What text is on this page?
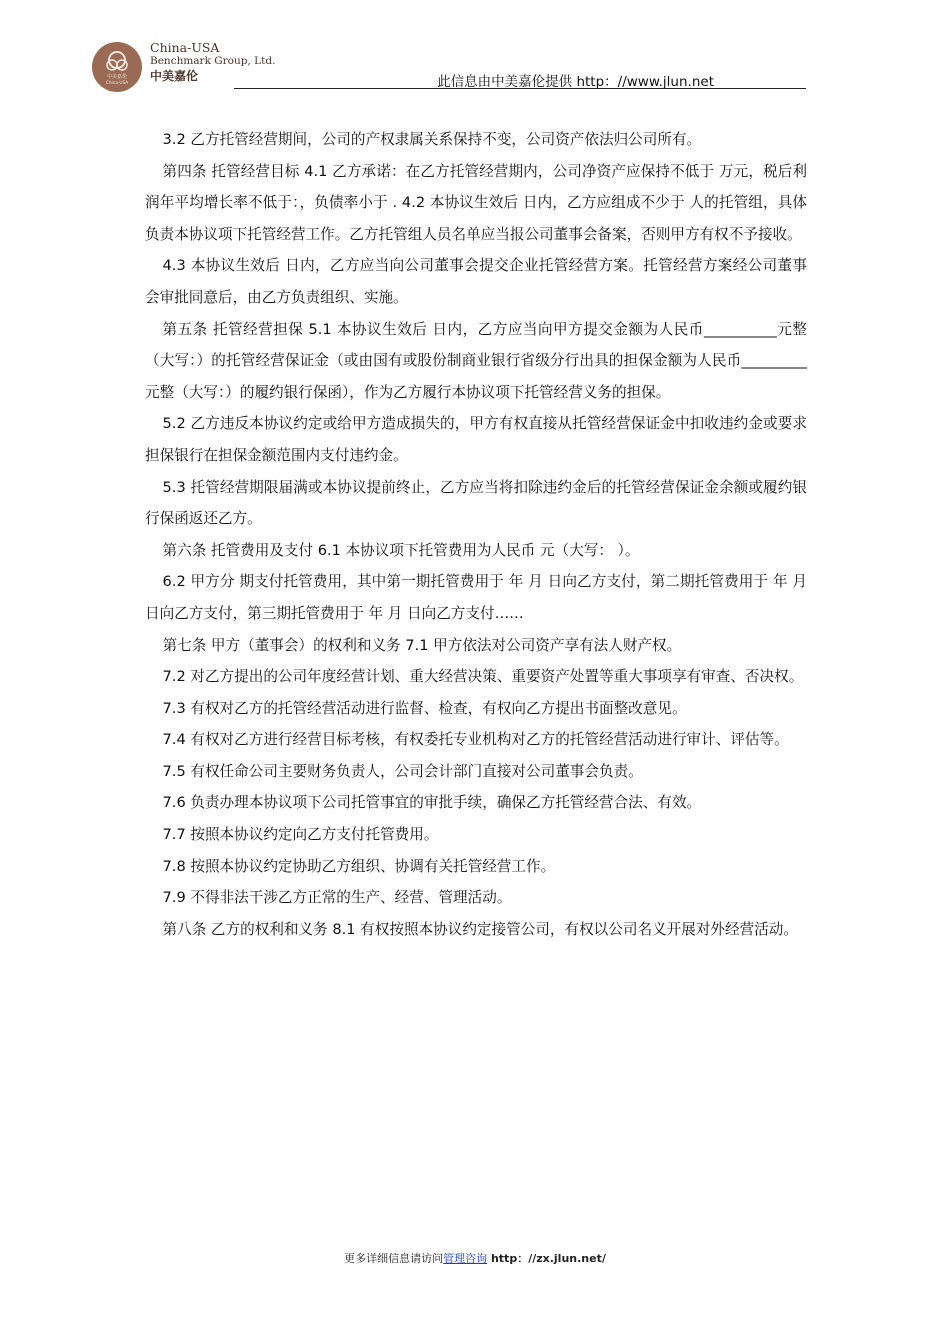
中美嘉伦
China-USA
China-USA
Benchmark Group, Ltd.
中美嘉伦	此信息由中美嘉伦提供 http：//www.jlun.net

3.2 乙方托管经营期间，公司的产权隶属关系保持不变，公司资产依法归公司所有。

第四条 托管经营目标 4.1 乙方承诺：在乙方托管经营期内，公司净资产应保持不低于 万元，税后利润年平均增长率不低于：，负债率小于 . 4.2 本协议生效后 日内，乙方应组成不少于 人的托管组，具体负责本协议项下托管经营工作。乙方托管组人员名单应当报公司董事会备案，否则甲方有权不予接收。

4.3 本协议生效后 日内，乙方应当向公司董事会提交企业托管经营方案。托管经营方案经公司董事会审批同意后，由乙方负责组织、实施。

第五条 托管经营担保 5.1 本协议生效后 日内，乙方应当向甲方提交金额为人民币__________元整（大写：）的托管经营保证金（或由国有或股份制商业银行省级分行出具的担保金额为人民币_________元整（大写：）的履约银行保函），作为乙方履行本协议项下托管经营义务的担保。

5.2 乙方违反本协议约定或给甲方造成损失的，甲方有权直接从托管经营保证金中扣收违约金或要求担保银行在担保金额范围内支付违约金。

5.3 托管经营期限届满或本协议提前终止，乙方应当将扣除违约金后的托管经营保证金余额或履约银行保函返还乙方。

第六条 托管费用及支付 6.1 本协议项下托管费用为人民币 元（大写： ）。

6.2 甲方分 期支付托管费用，其中第一期托管费用于 年 月 日向乙方支付，第二期托管费用于 年 月 日向乙方支付，第三期托管费用于 年 月 日向乙方支付……

第七条 甲方（董事会）的权利和义务 7.1 甲方依法对公司资产享有法人财产权。

7.2 对乙方提出的公司年度经营计划、重大经营决策、重要资产处置等重大事项享有审查、否决权。

7.3 有权对乙方的托管经营活动进行监督、检查，有权向乙方提出书面整改意见。

7.4 有权对乙方进行经营目标考核，有权委托专业机构对乙方的托管经营活动进行审计、评估等。

7.5 有权任命公司主要财务负责人，公司会计部门直接对公司董事会负责。

7.6 负责办理本协议项下公司托管事宜的审批手续，确保乙方托管经营合法、有效。

7.7 按照本协议约定向乙方支付托管费用。

7.8 按照本协议约定协助乙方组织、协调有关托管经营工作。

7.9 不得非法干涉乙方正常的生产、经营、管理活动。

第八条 乙方的权利和义务 8.1 有权按照本协议约定接管公司，有权以公司名义开展对外经营活动。

更多详细信息请访问管理咨询 http：//zx.jlun.net/
